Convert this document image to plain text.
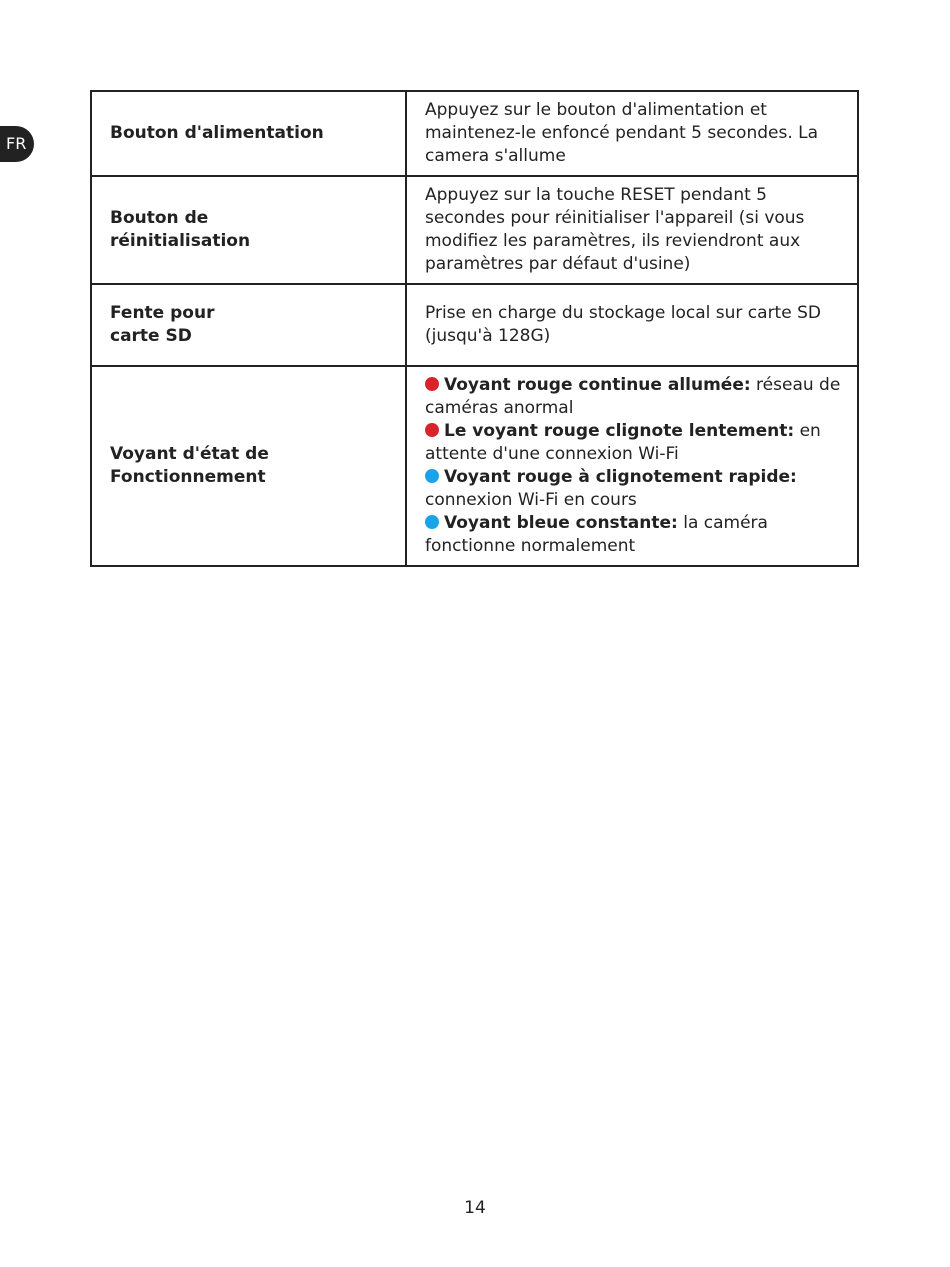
FR
Bouton d'alimentation	Appuyez sur le bouton d'alimentation et maintenez-le enfoncé pendant 5 secondes. La camera s'allume
Bouton de
réinitialisation	Appuyez sur la touche RESET pendant 5 secondes pour réinitialiser l'appareil (si vous modifiez les paramètres, ils reviendront aux paramètres par défaut d'usine)
Fente pour
carte SD	Prise en charge du stockage local sur carte SD (jusqu'à 128G)
Voyant d'état de
Fonctionnement	Voyant rouge continue allumée: réseau de caméras anormal
Le voyant rouge clignote lentement: en attente d'une connexion Wi-Fi
Voyant rouge à clignotement rapide: connexion Wi-Fi en cours
Voyant bleue constante: la caméra fonctionne normalement
14
